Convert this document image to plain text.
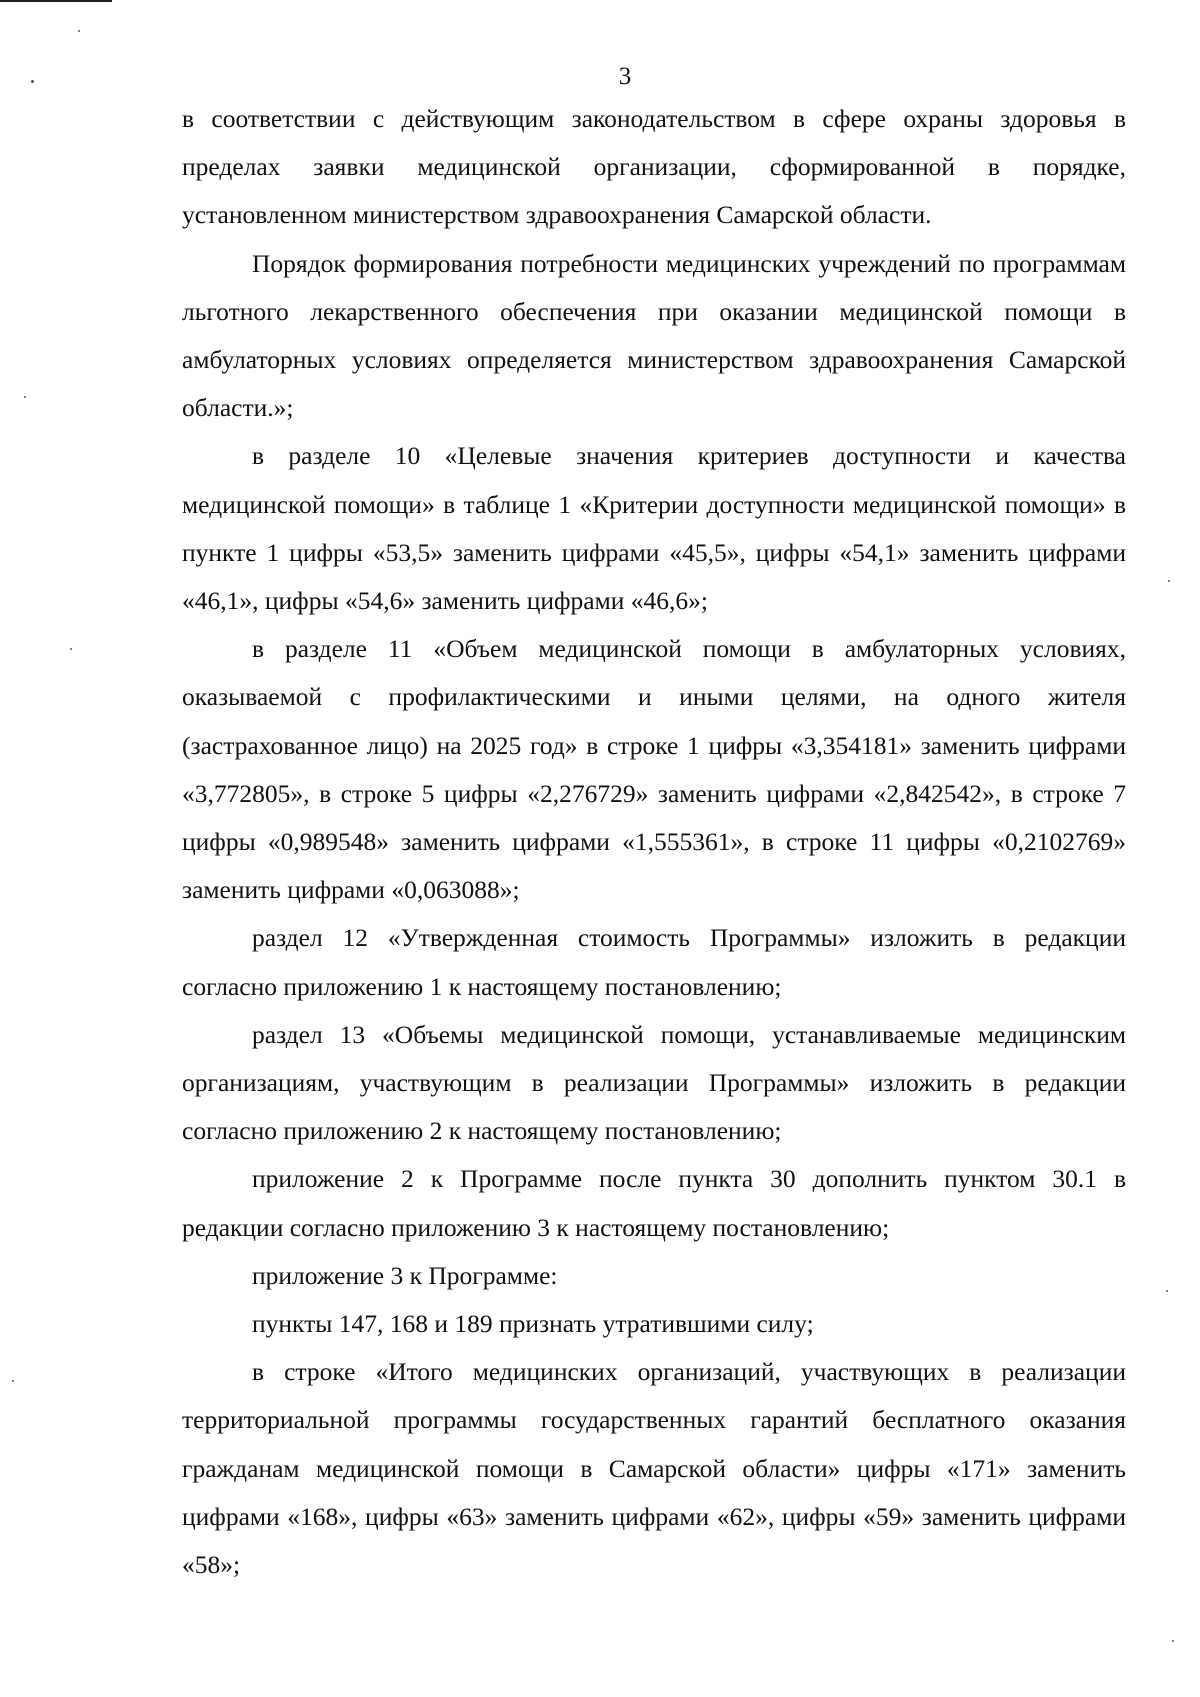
3

в соответствии с действующим законодательством в сфере охраны здоровья в пределах заявки медицинской организации, сформированной в порядке, установленном министерством здравоохранения Самарской области.

Порядок формирования потребности медицинских учреждений по программам льготного лекарственного обеспечения при оказании медицинской помощи в амбулаторных условиях определяется министерством здравоохранения Самарской области.»;

в разделе 10 «Целевые значения критериев доступности и качества медицинской помощи» в таблице 1 «Критерии доступности медицинской помощи» в пункте 1 цифры «53,5» заменить цифрами «45,5», цифры «54,1» заменить цифрами «46,1», цифры «54,6» заменить цифрами «46,6»;

в разделе 11 «Объем медицинской помощи в амбулаторных условиях, оказываемой с профилактическими и иными целями, на одного жителя (застрахованное лицо) на 2025 год» в строке 1 цифры «3,354181» заменить цифрами «3,772805», в строке 5 цифры «2,276729» заменить цифрами «2,842542», в строке 7 цифры «0,989548» заменить цифрами «1,555361», в строке 11 цифры «0,2102769» заменить цифрами «0,063088»;

раздел 12 «Утвержденная стоимость Программы» изложить в редакции согласно приложению 1 к настоящему постановлению;

раздел 13 «Объемы медицинской помощи, устанавливаемые медицинским организациям, участвующим в реализации Программы» изложить в редакции согласно приложению 2 к настоящему постановлению;

приложение 2 к Программе после пункта 30 дополнить пунктом 30.1 в редакции согласно приложению 3 к настоящему постановлению;

приложение 3 к Программе:

пункты 147, 168 и 189 признать утратившими силу;

в строке «Итого медицинских организаций, участвующих в реализации территориальной программы государственных гарантий бесплатного оказания гражданам медицинской помощи в Самарской области» цифры «171» заменить цифрами «168», цифры «63» заменить цифрами «62», цифры «59» заменить цифрами «58»;
